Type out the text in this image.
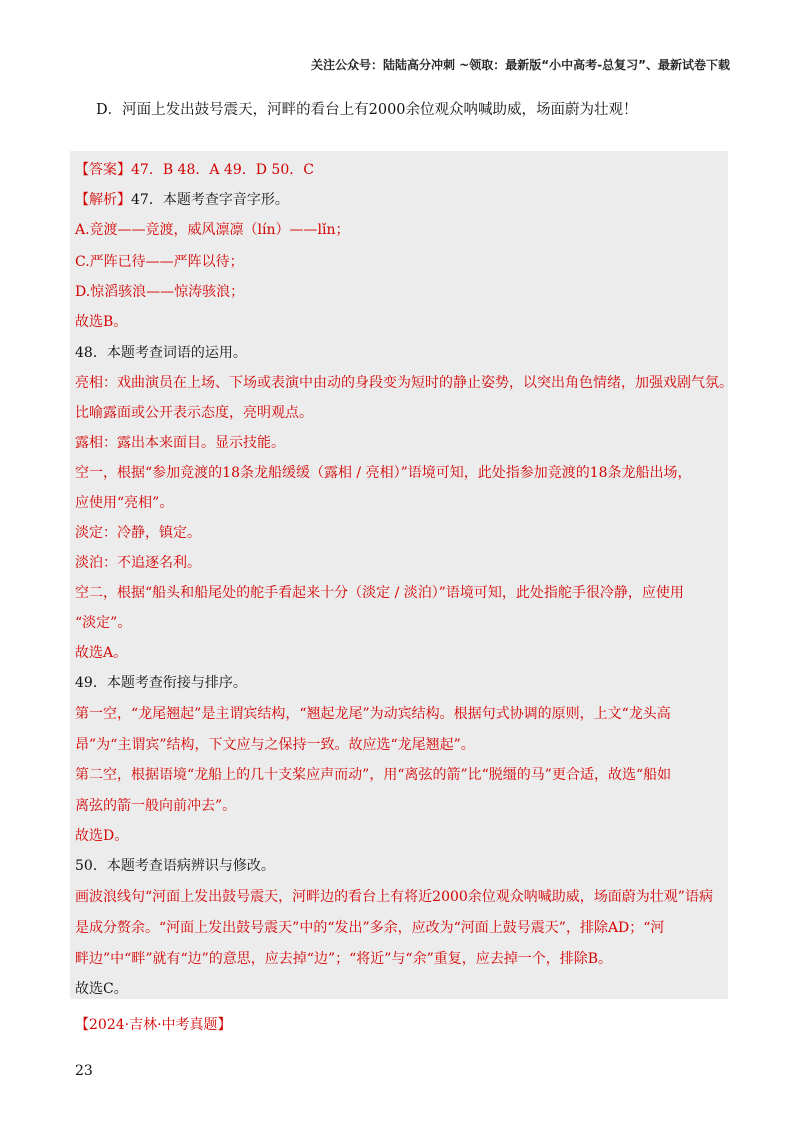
关注公众号：陆陆高分冲刺 ~领取：最新版“小中高考-总复习”、最新试卷下载
D．河面上发出鼓号震天，河畔的看台上有2000余位观众呐喊助威，场面蔚为壮观！
【答案】47．B 48．A 49．D 50．C
【解析】47．本题考查字音字形。
A.竞渡——竞渡，威风凛凛（lín）——lǐn；
C.严阵已待——严阵以待；
D.惊滔骇浪——惊涛骇浪；
故选B。
48．本题考查词语的运用。
亮相：戏曲演员在上场、下场或表演中由动的身段变为短时的静止姿势，以突出角色情绪，加强戏剧气氛。
比喻露面或公开表示态度，亮明观点。
露相：露出本来面目。显示技能。
空一，根据“参加竞渡的18条龙船缓缓（露相 / 亮相）”语境可知，此处指参加竞渡的18条龙船出场，
应使用“亮相”。
淡定：冷静，镇定。
淡泊：不追逐名利。
空二，根据“船头和船尾处的舵手看起来十分（淡定 / 淡泊）”语境可知，此处指舵手很冷静，应使用
“淡定”。
故选A。
49．本题考查衔接与排序。
第一空，“龙尾翘起”是主谓宾结构，“翘起龙尾”为动宾结构。根据句式协调的原则，上文“龙头高
昂”为“主谓宾”结构，下文应与之保持一致。故应选“龙尾翘起”。
第二空，根据语境“龙船上的几十支桨应声而动”，用“离弦的箭”比“脱缰的马”更合适，故选“船如
离弦的箭一般向前冲去”。
故选D。
50．本题考查语病辨识与修改。
画波浪线句“河面上发出鼓号震天，河畔边的看台上有将近2000余位观众呐喊助威，场面蔚为壮观”语病
是成分赘余。“河面上发出鼓号震天”中的“发出”多余，应改为“河面上鼓号震天”，排除AD；“河
畔边”中“畔”就有“边”的意思，应去掉“边”；“将近”与“余”重复，应去掉一个，排除B。
故选C。
【2024·吉林·中考真题】
23
